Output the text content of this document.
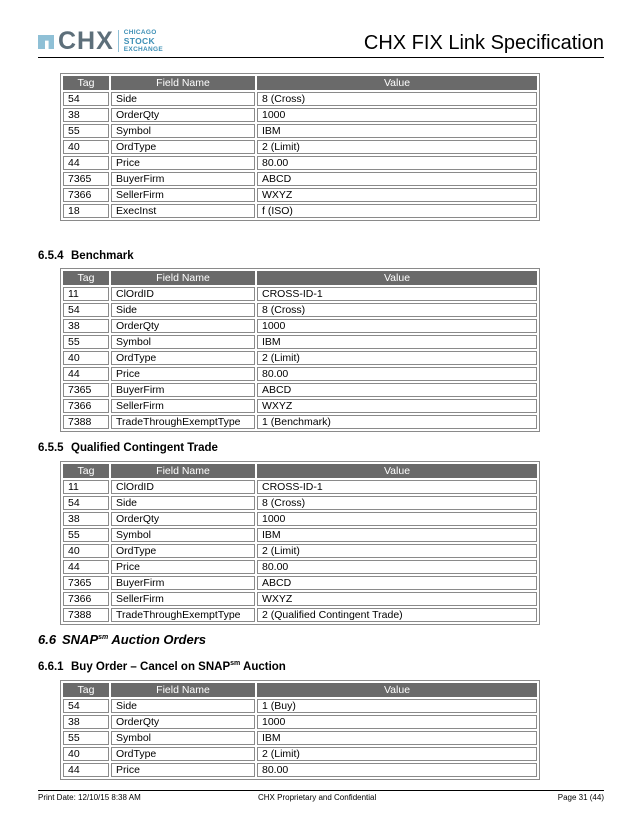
CHX CHICAGO
STOCK
EXCHANGE	CHX FIX Link Specification
Tag	Field Name	Value
54	Side	8 (Cross)
38	OrderQty	1000
55	Symbol	IBM
40	OrdType	2 (Limit)
44	Price	80.00
7365	BuyerFirm	ABCD
7366	SellerFirm	WXYZ
18	ExecInst	f (ISO)
6.5.4 Benchmark
Tag	Field Name	Value
11	ClOrdID	CROSS-ID-1
54	Side	8 (Cross)
38	OrderQty	1000
55	Symbol	IBM
40	OrdType	2 (Limit)
44	Price	80.00
7365	BuyerFirm	ABCD
7366	SellerFirm	WXYZ
7388	TradeThroughExemptType	1 (Benchmark)
6.5.5 Qualified Contingent Trade
Tag	Field Name	Value
11	ClOrdID	CROSS-ID-1
54	Side	8 (Cross)
38	OrderQty	1000
55	Symbol	IBM
40	OrdType	2 (Limit)
44	Price	80.00
7365	BuyerFirm	ABCD
7366	SellerFirm	WXYZ
7388	TradeThroughExemptType	2 (Qualified Contingent Trade)
6.6 $SNAP^{sm}$ Auction Orders
6.6.1 Buy Order – Cancel on $SNAP^{sm}$ Auction
Tag	Field Name	Value
54	Side	1 (Buy)
38	OrderQty	1000
55	Symbol	IBM
40	OrdType	2 (Limit)
44	Price	80.00
Print Date: 12/10/15 8:38 AM	CHX Proprietary and Confidential	Page 31 (44)
